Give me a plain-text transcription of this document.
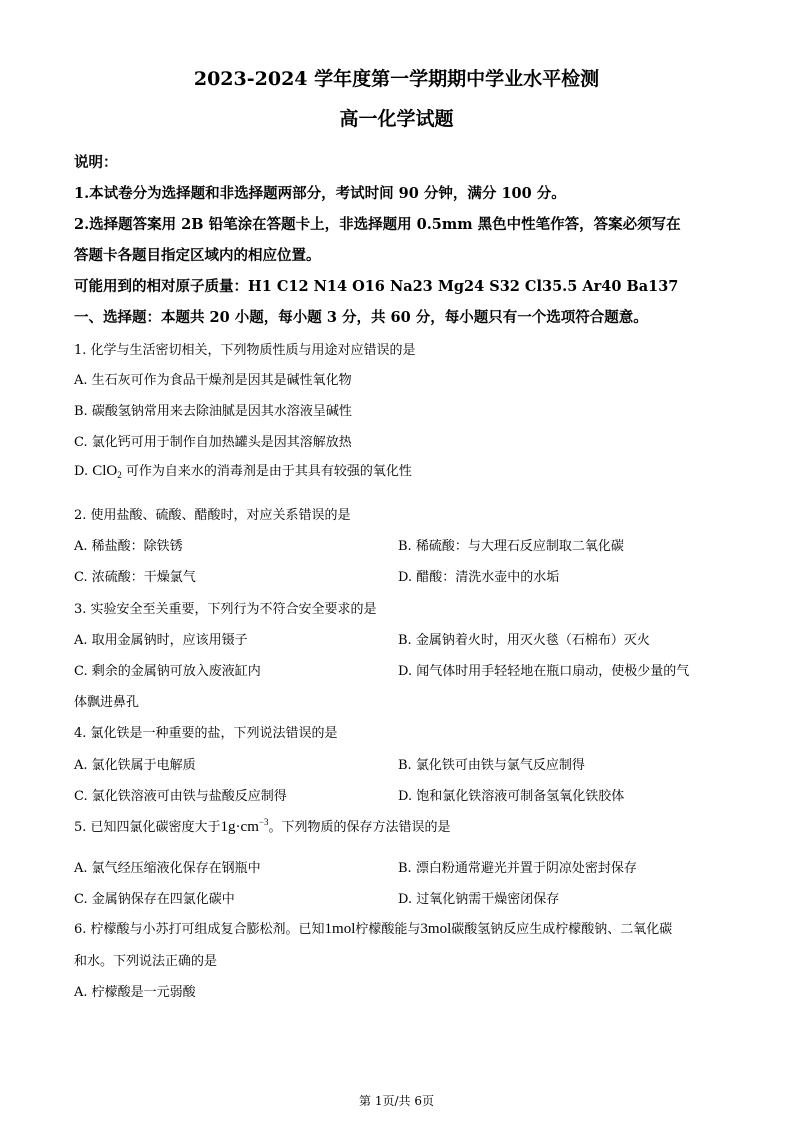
2023-2024 学年度第一学期期中学业水平检测
高一化学试题
说明：
1.本试卷分为选择题和非选择题两部分，考试时间 90 分钟，满分 100 分。
2.选择题答案用 2B 铅笔涂在答题卡上，非选择题用 0.5mm 黑色中性笔作答，答案必须写在
答题卡各题目指定区域内的相应位置。
可能用到的相对原子质量：H1 C12 N14 O16 Na23 Mg24 S32 Cl35.5 Ar40 Ba137
一、选择题：本题共 20 小题，每小题 3 分，共 60 分，每小题只有一个选项符合题意。
1. 化学与生活密切相关，下列物质性质与用途对应错误的是
A. 生石灰可作为食品干燥剂是因其是碱性氧化物
B. 碳酸氢钠常用来去除油腻是因其水溶液呈碱性
C. 氯化钙可用于制作自加热罐头是因其溶解放热
D. ClO$_2$ 可作为自来水的消毒剂是由于其具有较强的氧化性
2. 使用盐酸、硫酸、醋酸时，对应关系错误的是
A. 稀盐酸：除铁锈	B. 稀硫酸：与大理石反应制取二氧化碳
C. 浓硫酸：干燥氯气	D. 醋酸：清洗水壶中的水垢
3. 实验安全至关重要，下列行为不符合安全要求的是
A. 取用金属钠时，应该用镊子	B. 金属钠着火时，用灭火毯（石棉布）灭火
C. 剩余的金属钠可放入废液缸内	D. 闻气体时用手轻轻地在瓶口扇动，使极少量的气
体飘进鼻孔
4. 氯化铁是一种重要的盐，下列说法错误的是
A. 氯化铁属于电解质	B. 氯化铁可由铁与氯气反应制得
C. 氯化铁溶液可由铁与盐酸反应制得	D. 饱和氯化铁溶液可制备氢氧化铁胶体
5. 已知四氯化碳密度大于$1g\cdot cm^{-3}$。下列物质的保存方法错误的是
A. 氯气经压缩液化保存在钢瓶中	B. 漂白粉通常避光并置于阴凉处密封保存
C. 金属钠保存在四氯化碳中	D. 过氧化钠需干燥密闭保存
6. 柠檬酸与小苏打可组成复合膨松剂。已知1mol柠檬酸能与3mol碳酸氢钠反应生成柠檬酸钠、二氧化碳
和水。下列说法正确的是
A. 柠檬酸是一元弱酸
第 1页/共 6页
